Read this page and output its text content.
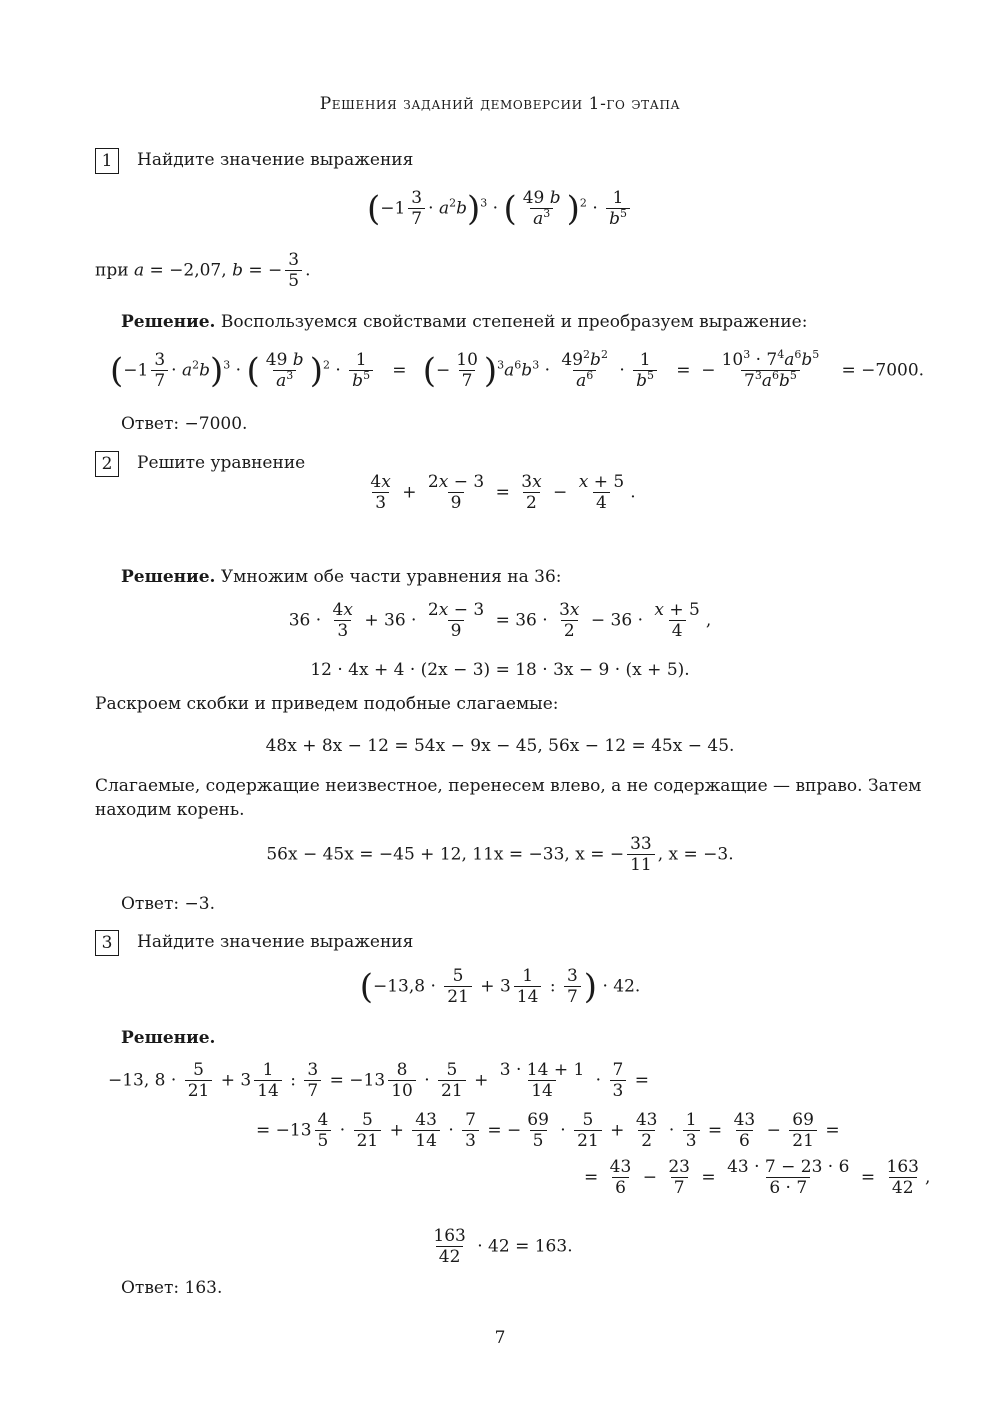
Решения заданий демоверсии 1-го этапа
1	Найдите значение выражения
$(-1 \frac{3}{7} \cdot a^2b)^3$ · ( $\frac{49 b}{a^3} )^2 \cdot \frac{1}{b^5}$
при a = −2,07, b = − $\frac{3}{5}$ .
Решение. Воспользуемся свойствами степеней и преобразуем выражение:
$(-1 \frac{3}{7} \cdot a^2b)^3$ · ( $\frac{49 b}{a^3} )^2 \cdot \frac{1}{b^5}$ =   (− $\frac{10}{7} )^3a^6b^3 \cdot \frac{49^2b^2}{a^6} \cdot \frac{1}{b^5}$ =  − $\frac{10^3 \cdot 7^4a^6b^5}{7^3a^6b^5} = -7000$.
Ответ: −7000.
2	Решите уравнение
$\frac{4x}{3} + \frac{2x - 3}{9} = \frac{3x}{2} - \frac{x + 5}{4}$ .
Решение. Умножим обе части уравнения на 36:
$36 \cdot \frac{4x}{3} + 36 \cdot \frac{2x - 3}{9} = 36 \cdot \frac{3x}{2} - 36 \cdot \frac{x + 5}{4}$ ,
12 · 4x + 4 · (2x − 3) = 18 · 3x − 9 · (x + 5).
Раскроем скобки и приведем подобные слагаемые:
48x + 8x − 12 = 54x − 9x − 45, 56x − 12 = 45x − 45.
Слагаемые, содержащие неизвестное, перенесем влево, а не содержащие — вправо. Затем
находим корень.
56x − 45x = −45 + 12, 11x = −33, x = − $\frac{33}{11}$ , x = −3.
Ответ: −3.
3	Найдите значение выражения
($-13,8 \cdot \frac{5}{21} + 3 \frac{1}{14}$ : $\frac{3}{7}$ ) · 42.
Решение.
−13, $8 \cdot \frac{5}{21} + 3 \frac{1}{14}$ : $\frac{3}{7} = -13 \frac{8}{10} \cdot \frac{5}{21} + \frac{3 \cdot 14 + 1}{14} \cdot \frac{7}{3}$ =
= $-13 \frac{4}{5} \cdot \frac{5}{21} + \frac{43}{14} \cdot \frac{7}{3}$ = − $\frac{69}{5} \cdot \frac{5}{21} + \frac{43}{2} \cdot \frac{1}{3} = \frac{43}{6} - \frac{69}{21}$ =
= $\frac{43}{6} - \frac{23}{7} = \frac{43 \cdot 7 - 23 \cdot 6}{6 \cdot 7} = \frac{163}{42}$ ,
$\frac{163}{42} \cdot 42 = 163$.
Ответ: 163.
7
